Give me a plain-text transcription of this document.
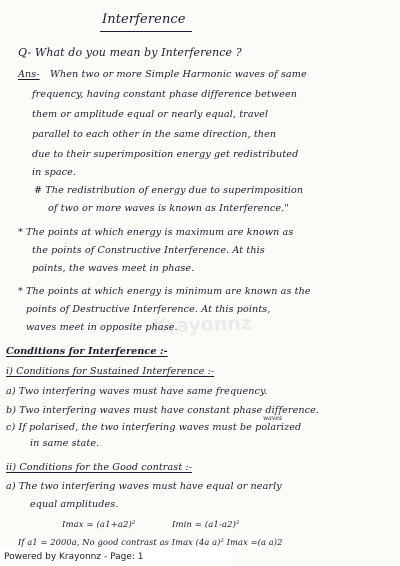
Interference
Q- What do you mean by Interference ?
Ans- When two or more Simple Harmonic waves of same
frequency, having constant phase difference between
them or amplitude equal or nearly equal, travel
parallel to each other in the same direction, then
due to their superimposition energy get redistributed
in space.
# The redistribution of energy due to superimposition
of two or more waves is known as Interference."
* The points at which energy is maximum are known as
the points of Constructive Interference. At this
points, the waves meet in phase.
* The points at which energy is minimum are known as the
points of Destructive Interference. At this points,
waves meet in opposite phase.
Conditions for Interference :-
i) Conditions for Sustained Interference :-
a) Two interfering waves must have same frequency.
b) Two interfering waves must have constant phase difference.
waves
c) If polarised, the two interfering waves must be polarized
in same state.
ii) Conditions for the Good contrast :-
a) The two interfering waves must have equal or nearly
equal amplitudes.
Imax = (a1+a2)²	Imin = (a1-a2)²
If a1 = 2000a, No good contrast as Imax (4a a)² Imax =(a a)2
Krayonnz
Powered by Krayonnz - Page: 1
